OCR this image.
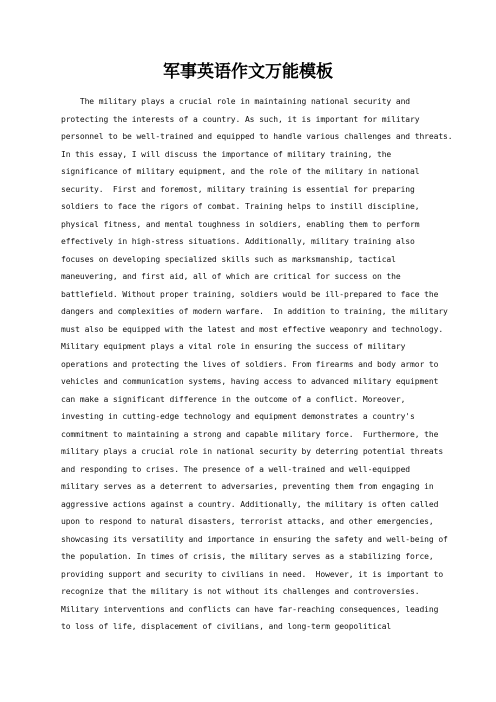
军事英语作文万能模板
The military plays a crucial role in maintaining national security and
protecting the interests of a country. As such, it is important for military
personnel to be well-trained and equipped to handle various challenges and threats.
In this essay, I will discuss the importance of military training, the
significance of military equipment, and the role of the military in national
security.  First and foremost, military training is essential for preparing
soldiers to face the rigors of combat. Training helps to instill discipline,
physical fitness, and mental toughness in soldiers, enabling them to perform
effectively in high-stress situations. Additionally, military training also
focuses on developing specialized skills such as marksmanship, tactical
maneuvering, and first aid, all of which are critical for success on the
battlefield. Without proper training, soldiers would be ill-prepared to face the
dangers and complexities of modern warfare.  In addition to training, the military
must also be equipped with the latest and most effective weaponry and technology.
Military equipment plays a vital role in ensuring the success of military
operations and protecting the lives of soldiers. From firearms and body armor to
vehicles and communication systems, having access to advanced military equipment
can make a significant difference in the outcome of a conflict. Moreover,
investing in cutting-edge technology and equipment demonstrates a country's
commitment to maintaining a strong and capable military force.  Furthermore, the
military plays a crucial role in national security by deterring potential threats
and responding to crises. The presence of a well-trained and well-equipped
military serves as a deterrent to adversaries, preventing them from engaging in
aggressive actions against a country. Additionally, the military is often called
upon to respond to natural disasters, terrorist attacks, and other emergencies,
showcasing its versatility and importance in ensuring the safety and well-being of
the population. In times of crisis, the military serves as a stabilizing force,
providing support and security to civilians in need.  However, it is important to
recognize that the military is not without its challenges and controversies.
Military interventions and conflicts can have far-reaching consequences, leading
to loss of life, displacement of civilians, and long-term geopolitical
